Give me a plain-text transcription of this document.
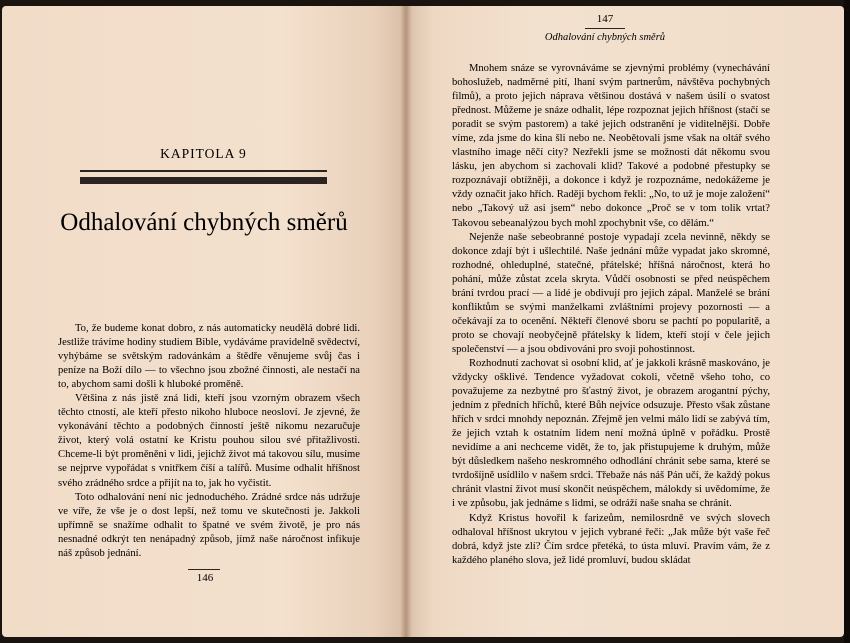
KAPITOLA 9
Odhalování chybných směrů

To, že budeme konat dobro, z nás automaticky neudělá dobré lidi. Jestliže trávíme hodiny studiem Bible, vydáváme pravidelně svědectví, vyhýbáme se světským radovánkám a štědře věnujeme svůj čas i peníze na Boží dílo — to všechno jsou zbožné činnosti, ale nestačí na to, abychom sami došli k hluboké proměně.

Většina z nás jistě zná lidi, kteří jsou vzorným obrazem všech těchto ctností, ale kteří přesto nikoho hluboce neosloví. Je zjevné, že vykonávání těchto a podobných činností ještě nikomu nezaručuje život, který volá ostatní ke Kristu pouhou silou své přitažlivosti. Chceme-li být proměněni v lidi, jejichž život má takovou sílu, musíme se nejprve vypořádat s vnitřkem číší a talířů. Musíme odhalit hříšnost svého zrádného srdce a přijít na to, jak ho vyčistit.

Toto odhalování není nic jednoduchého. Zrádné srdce nás udržuje ve víře, že vše je o dost lepší, než tomu ve skutečnosti je. Jakkoli upřímně se snažíme odhalit to špatné ve svém životě, je pro nás nesnadné odkrýt ten nenápadný způsob, jímž naše náročnost infikuje náš způsob jednání.

146
147
Odhalování chybných směrů

Mnohem snáze se vyrovnáváme se zjevnými problémy (vynechávání bohoslužeb, nadměrné pití, lhaní svým partnerům, návštěva pochybných filmů), a proto jejich náprava většinou dostává v našem úsilí o svatost přednost. Můžeme je snáze odhalit, lépe rozpoznat jejich hříšnost (stačí se poradit se svým pastorem) a také jejich odstranění je viditelnější. Dobře víme, zda jsme do kina šli nebo ne. Neobětovali jsme však na oltář svého vlastního image něčí city? Nezřekli jsme se možnosti dát někomu svou lásku, jen abychom si zachovali klid? Takové a podobné přestupky se rozpoznávají obtížněji, a dokonce i když je rozpoznáme, nedokážeme je vždy označit jako hřích. Raději bychom řekli: „No, to už je moje založení“ nebo „Takový už asi jsem“ nebo dokonce „Proč se v tom tolik vrtat? Takovou sebeanalýzou bych mohl zpochybnit vše, co dělám.“

Nejenže naše sebeobranné postoje vypadají zcela nevinně, někdy se dokonce zdají být i ušlechtilé. Naše jednání může vypadat jako skromné, rozhodné, ohleduplné, statečné, přátelské; hříšná náročnost, která ho pohání, může zůstat zcela skryta. Vůdčí osobnosti se před neúspěchem brání tvrdou prací — a lidé je obdivují pro jejich zápal. Manželé se brání konfliktům se svými manželkami zvláštními projevy pozornosti — a očekávají za to ocenění. Někteří členové sboru se pachtí po popularitě, a proto se chovají neobyčejně přátelsky k lidem, kteří stojí v čele jejich společenství — a jsou obdivováni pro svoji pohostinnost.

Rozhodnutí zachovat si osobní klid, ať je jakkoli krásně maskováno, je vždycky ošklivé. Tendence vyžadovat cokoli, včetně všeho toho, co považujeme za nezbytné pro šťastný život, je obrazem arogantní pýchy, jedním z předních hříchů, které Bůh nejvíce odsuzuje. Přesto však zůstane hřích v srdci mnohdy nepoznán. Zřejmě jen velmi málo lidí se zabývá tím, že jejich vztah k ostatním lidem není možná úplně v pořádku. Prostě nevidíme a ani nechceme vidět, že to, jak přistupujeme k druhým, může být důsledkem našeho neskromného odhodlání chránit sebe sama, které se tvrdošíjně usídlilo v našem srdci. Třebaže nás náš Pán učí, že každý pokus chránit vlastní život musí skončit neúspěchem, málokdy si uvědomíme, že i ve způsobu, jak jednáme s lidmi, se odráží naše snaha se chránit.

Když Kristus hovořil k farizeům, nemilosrdně ve svých slovech odhaloval hříšnost ukrytou v jejich vybrané řeči: „Jak může být vaše řeč dobrá, když jste zlí? Čím srdce přetéká, to ústa mluví. Pravím vám, že z každého planého slova, jež lidé promluví, budou skládat
